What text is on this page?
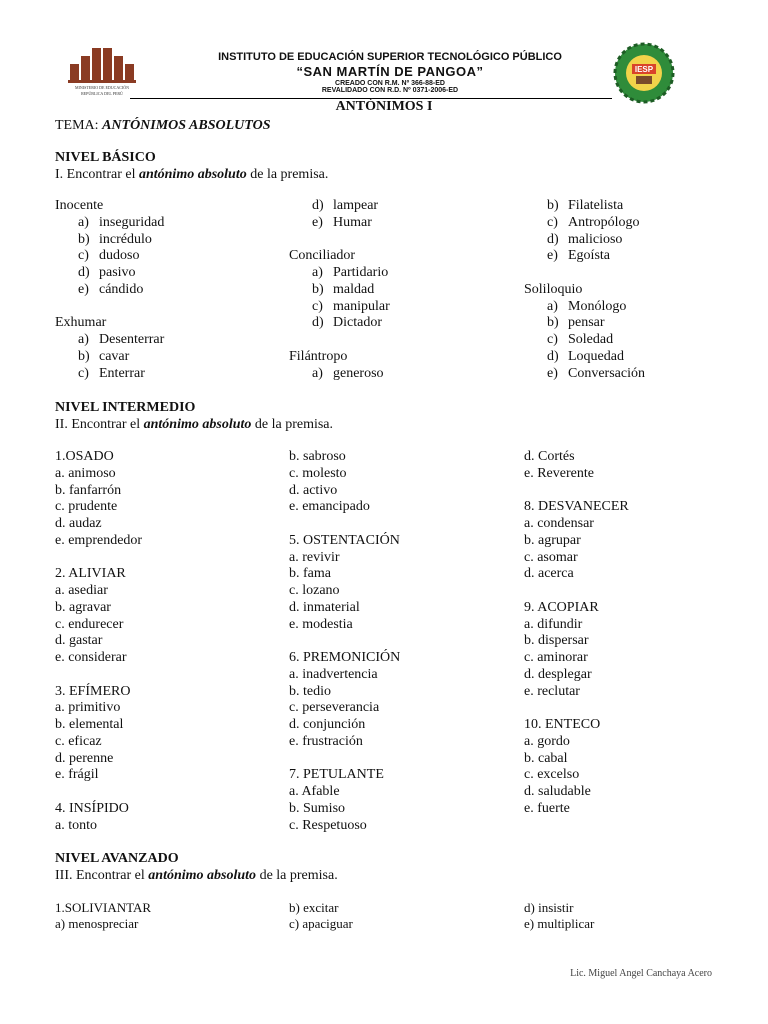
MINISTERIO DE EDUCACIÓN
REPÚBLICA DEL PERÚ
IESP
INSTITUTO DE EDUCACIÓN SUPERIOR TECNOLÓGICO PÚBLICO
“SAN MARTÍN DE PANGOA”
CREADO CON R.M. Nº 366-88-ED
REVALIDADO CON R.D. Nº 0371-2006-ED
ANTÓNIMOS I
TEMA: ANTÓNIMOS ABSOLUTOS
NIVEL BÁSICO
I. Encontrar el antónimo absoluto de la premisa.
Inocente
a) inseguridad
b) incrédulo
c) dudoso
d) pasivo
e) cándido
Exhumar
a) Desenterrar
b) cavar
c) Enterrar
d) lampear
e) Humar
Conciliador
a) Partidario
b) maldad
c) manipular
d) Dictador
Filántropo
a) generoso
b) Filatelista
c) Antropólogo
d) malicioso
e) Egoísta
Soliloquio
a) Monólogo
b) pensar
c) Soledad
d) Loquedad
e) Conversación
NIVEL INTERMEDIO
II. Encontrar el antónimo absoluto de la premisa.
1.OSADO
a. animoso
b. fanfarrón
c. prudente
d. audaz
e. emprendedor
2. ALIVIAR
a. asediar
b. agravar
c. endurecer
d. gastar
e. considerar
3. EFÍMERO
a. primitivo
b. elemental
c. eficaz
d. perenne
e. frágil
4. INSÍPIDO
a. tonto
b. sabroso
c. molesto
d. activo
e. emancipado
5. OSTENTACIÓN
a. revivir
b. fama
c. lozano
d. inmaterial
e. modestia
6. PREMONICIÓN
a. inadvertencia
b. tedio
c. perseverancia
d. conjunción
e. frustración
7. PETULANTE
a. Afable
b. Sumiso
c. Respetuoso
d. Cortés
e. Reverente
8. DESVANECER
a. condensar
b. agrupar
c. asomar
d. acerca
9. ACOPIAR
a. difundir
b. dispersar
c. aminorar
d. desplegar
e. reclutar
10. ENTECO
a. gordo
b. cabal
c. excelso
d. saludable
e. fuerte
NIVEL AVANZADO
III. Encontrar el antónimo absoluto de la premisa.
1.SOLIVIANTAR
a) menospreciar
b) excitar
c) apaciguar
d) insistir
e) multiplicar
Lic. Miguel Angel Canchaya Acero
